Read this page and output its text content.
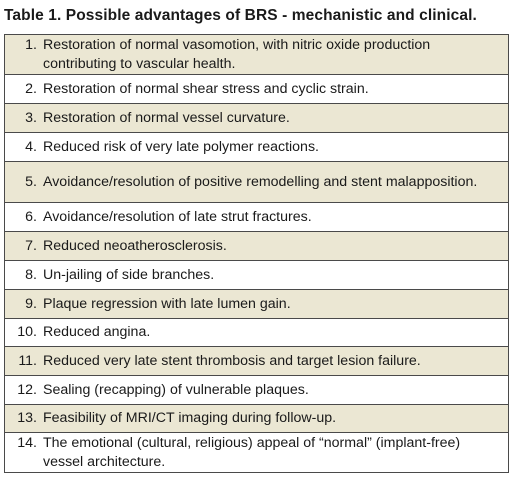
Table 1. Possible advantages of BRS - mechanistic and clinical.
1. Restoration of normal vasomotion, with nitric oxide production contributing to vascular health.

2. Restoration of normal shear stress and cyclic strain.

3. Restoration of normal vessel curvature.

4. Reduced risk of very late polymer reactions.

5. Avoidance/resolution of positive remodelling and stent malapposition.

6. Avoidance/resolution of late strut fractures.

7. Reduced neoatherosclerosis.

8. Un-jailing of side branches.

9. Plaque regression with late lumen gain.

10. Reduced angina.

11. Reduced very late stent thrombosis and target lesion failure.

12. Sealing (recapping) of vulnerable plaques.

13. Feasibility of MRI/CT imaging during follow-up.

14. The emotional (cultural, religious) appeal of “normal” (implant-free) vessel architecture.
